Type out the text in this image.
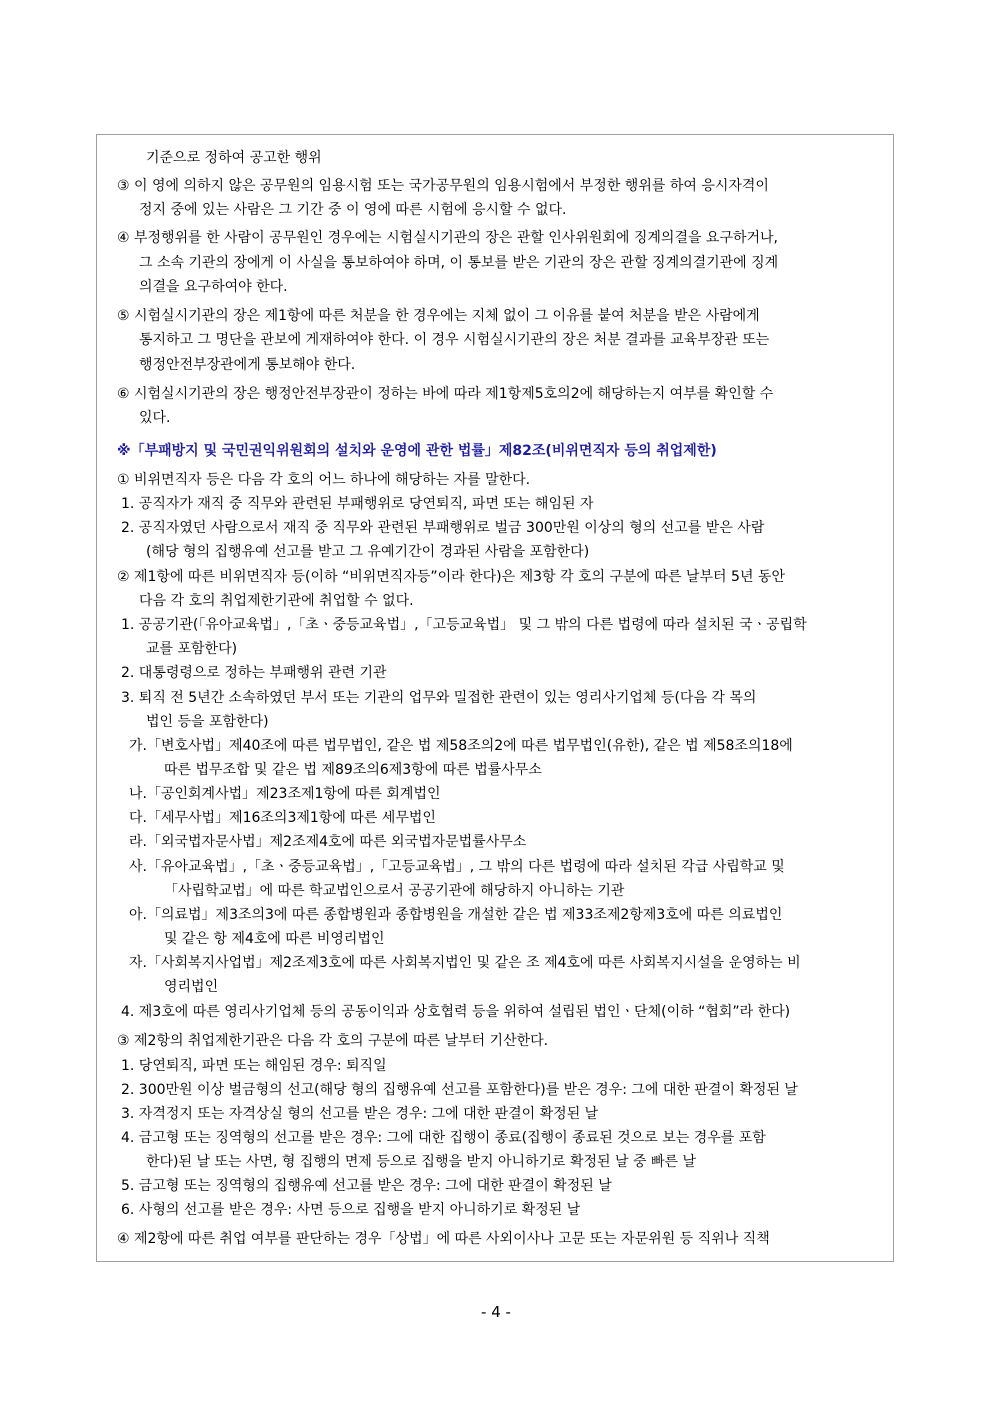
기준으로 정하여 공고한 행위
③ 이 영에 의하지 않은 공무원의 임용시험 또는 국가공무원의 임용시험에서 부정한 행위를 하여 응시자격이
정지 중에 있는 사람은 그 기간 중 이 영에 따른 시험에 응시할 수 없다.
④ 부정행위를 한 사람이 공무원인 경우에는 시험실시기관의 장은 관할 인사위원회에 징계의결을 요구하거나,
그 소속 기관의 장에게 이 사실을 통보하여야 하며, 이 통보를 받은 기관의 장은 관할 징계의결기관에 징계
의결을 요구하여야 한다.
⑤ 시험실시기관의 장은 제1항에 따른 처분을 한 경우에는 지체 없이 그 이유를 붙여 처분을 받은 사람에게
통지하고 그 명단을 관보에 게재하여야 한다. 이 경우 시험실시기관의 장은 처분 결과를 교육부장관 또는
행정안전부장관에게 통보해야 한다.
⑥ 시험실시기관의 장은 행정안전부장관이 정하는 바에 따라 제1항제5호의2에 해당하는지 여부를 확인할 수
있다.
※「부패방지 및 국민권익위원회의 설치와 운영에 관한 법률」제82조(비위면직자 등의 취업제한)
① 비위면직자 등은 다음 각 호의 어느 하나에 해당하는 자를 말한다.
1. 공직자가 재직 중 직무와 관련된 부패행위로 당연퇴직, 파면 또는 해임된 자
2. 공직자였던 사람으로서 재직 중 직무와 관련된 부패행위로 벌금 300만원 이상의 형의 선고를 받은 사람
(해당 형의 집행유예 선고를 받고 그 유예기간이 경과된 사람을 포함한다)
② 제1항에 따른 비위면직자 등(이하 “비위면직자등”이라 한다)은 제3항 각 호의 구분에 따른 날부터 5년 동안
다음 각 호의 취업제한기관에 취업할 수 없다.
1. 공공기관(「유아교육법」,「초ㆍ중등교육법」,「고등교육법」 및 그 밖의 다른 법령에 따라 설치된 국ㆍ공립학
교를 포함한다)
2. 대통령령으로 정하는 부패행위 관련 기관
3. 퇴직 전 5년간 소속하였던 부서 또는 기관의 업무와 밀접한 관련이 있는 영리사기업체 등(다음 각 목의
법인 등을 포함한다)
가.「변호사법」제40조에 따른 법무법인, 같은 법 제58조의2에 따른 법무법인(유한), 같은 법 제58조의18에
따른 법무조합 및 같은 법 제89조의6제3항에 따른 법률사무소
나.「공인회계사법」제23조제1항에 따른 회계법인
다.「세무사법」제16조의3제1항에 따른 세무법인
라.「외국법자문사법」제2조제4호에 따른 외국법자문법률사무소
사.「유아교육법」,「초ㆍ중등교육법」,「고등교육법」, 그 밖의 다른 법령에 따라 설치된 각급 사립학교 및
「사립학교법」에 따른 학교법인으로서 공공기관에 해당하지 아니하는 기관
아.「의료법」제3조의3에 따른 종합병원과 종합병원을 개설한 같은 법 제33조제2항제3호에 따른 의료법인
및 같은 항 제4호에 따른 비영리법인
자.「사회복지사업법」제2조제3호에 따른 사회복지법인 및 같은 조 제4호에 따른 사회복지시설을 운영하는 비
영리법인
4. 제3호에 따른 영리사기업체 등의 공동이익과 상호협력 등을 위하여 설립된 법인ㆍ단체(이하 “협회”라 한다)
③ 제2항의 취업제한기관은 다음 각 호의 구분에 따른 날부터 기산한다.
1. 당연퇴직, 파면 또는 해임된 경우: 퇴직일
2. 300만원 이상 벌금형의 선고(해당 형의 집행유예 선고를 포함한다)를 받은 경우: 그에 대한 판결이 확정된 날
3. 자격정지 또는 자격상실 형의 선고를 받은 경우: 그에 대한 판결이 확정된 날
4. 금고형 또는 징역형의 선고를 받은 경우: 그에 대한 집행이 종료(집행이 종료된 것으로 보는 경우를 포함
한다)된 날 또는 사면, 형 집행의 면제 등으로 집행을 받지 아니하기로 확정된 날 중 빠른 날
5. 금고형 또는 징역형의 집행유예 선고를 받은 경우: 그에 대한 판결이 확정된 날
6. 사형의 선고를 받은 경우: 사면 등으로 집행을 받지 아니하기로 확정된 날
④ 제2항에 따른 취업 여부를 판단하는 경우「상법」에 따른 사외이사나 고문 또는 자문위원 등 직위나 직책
- 4 -
